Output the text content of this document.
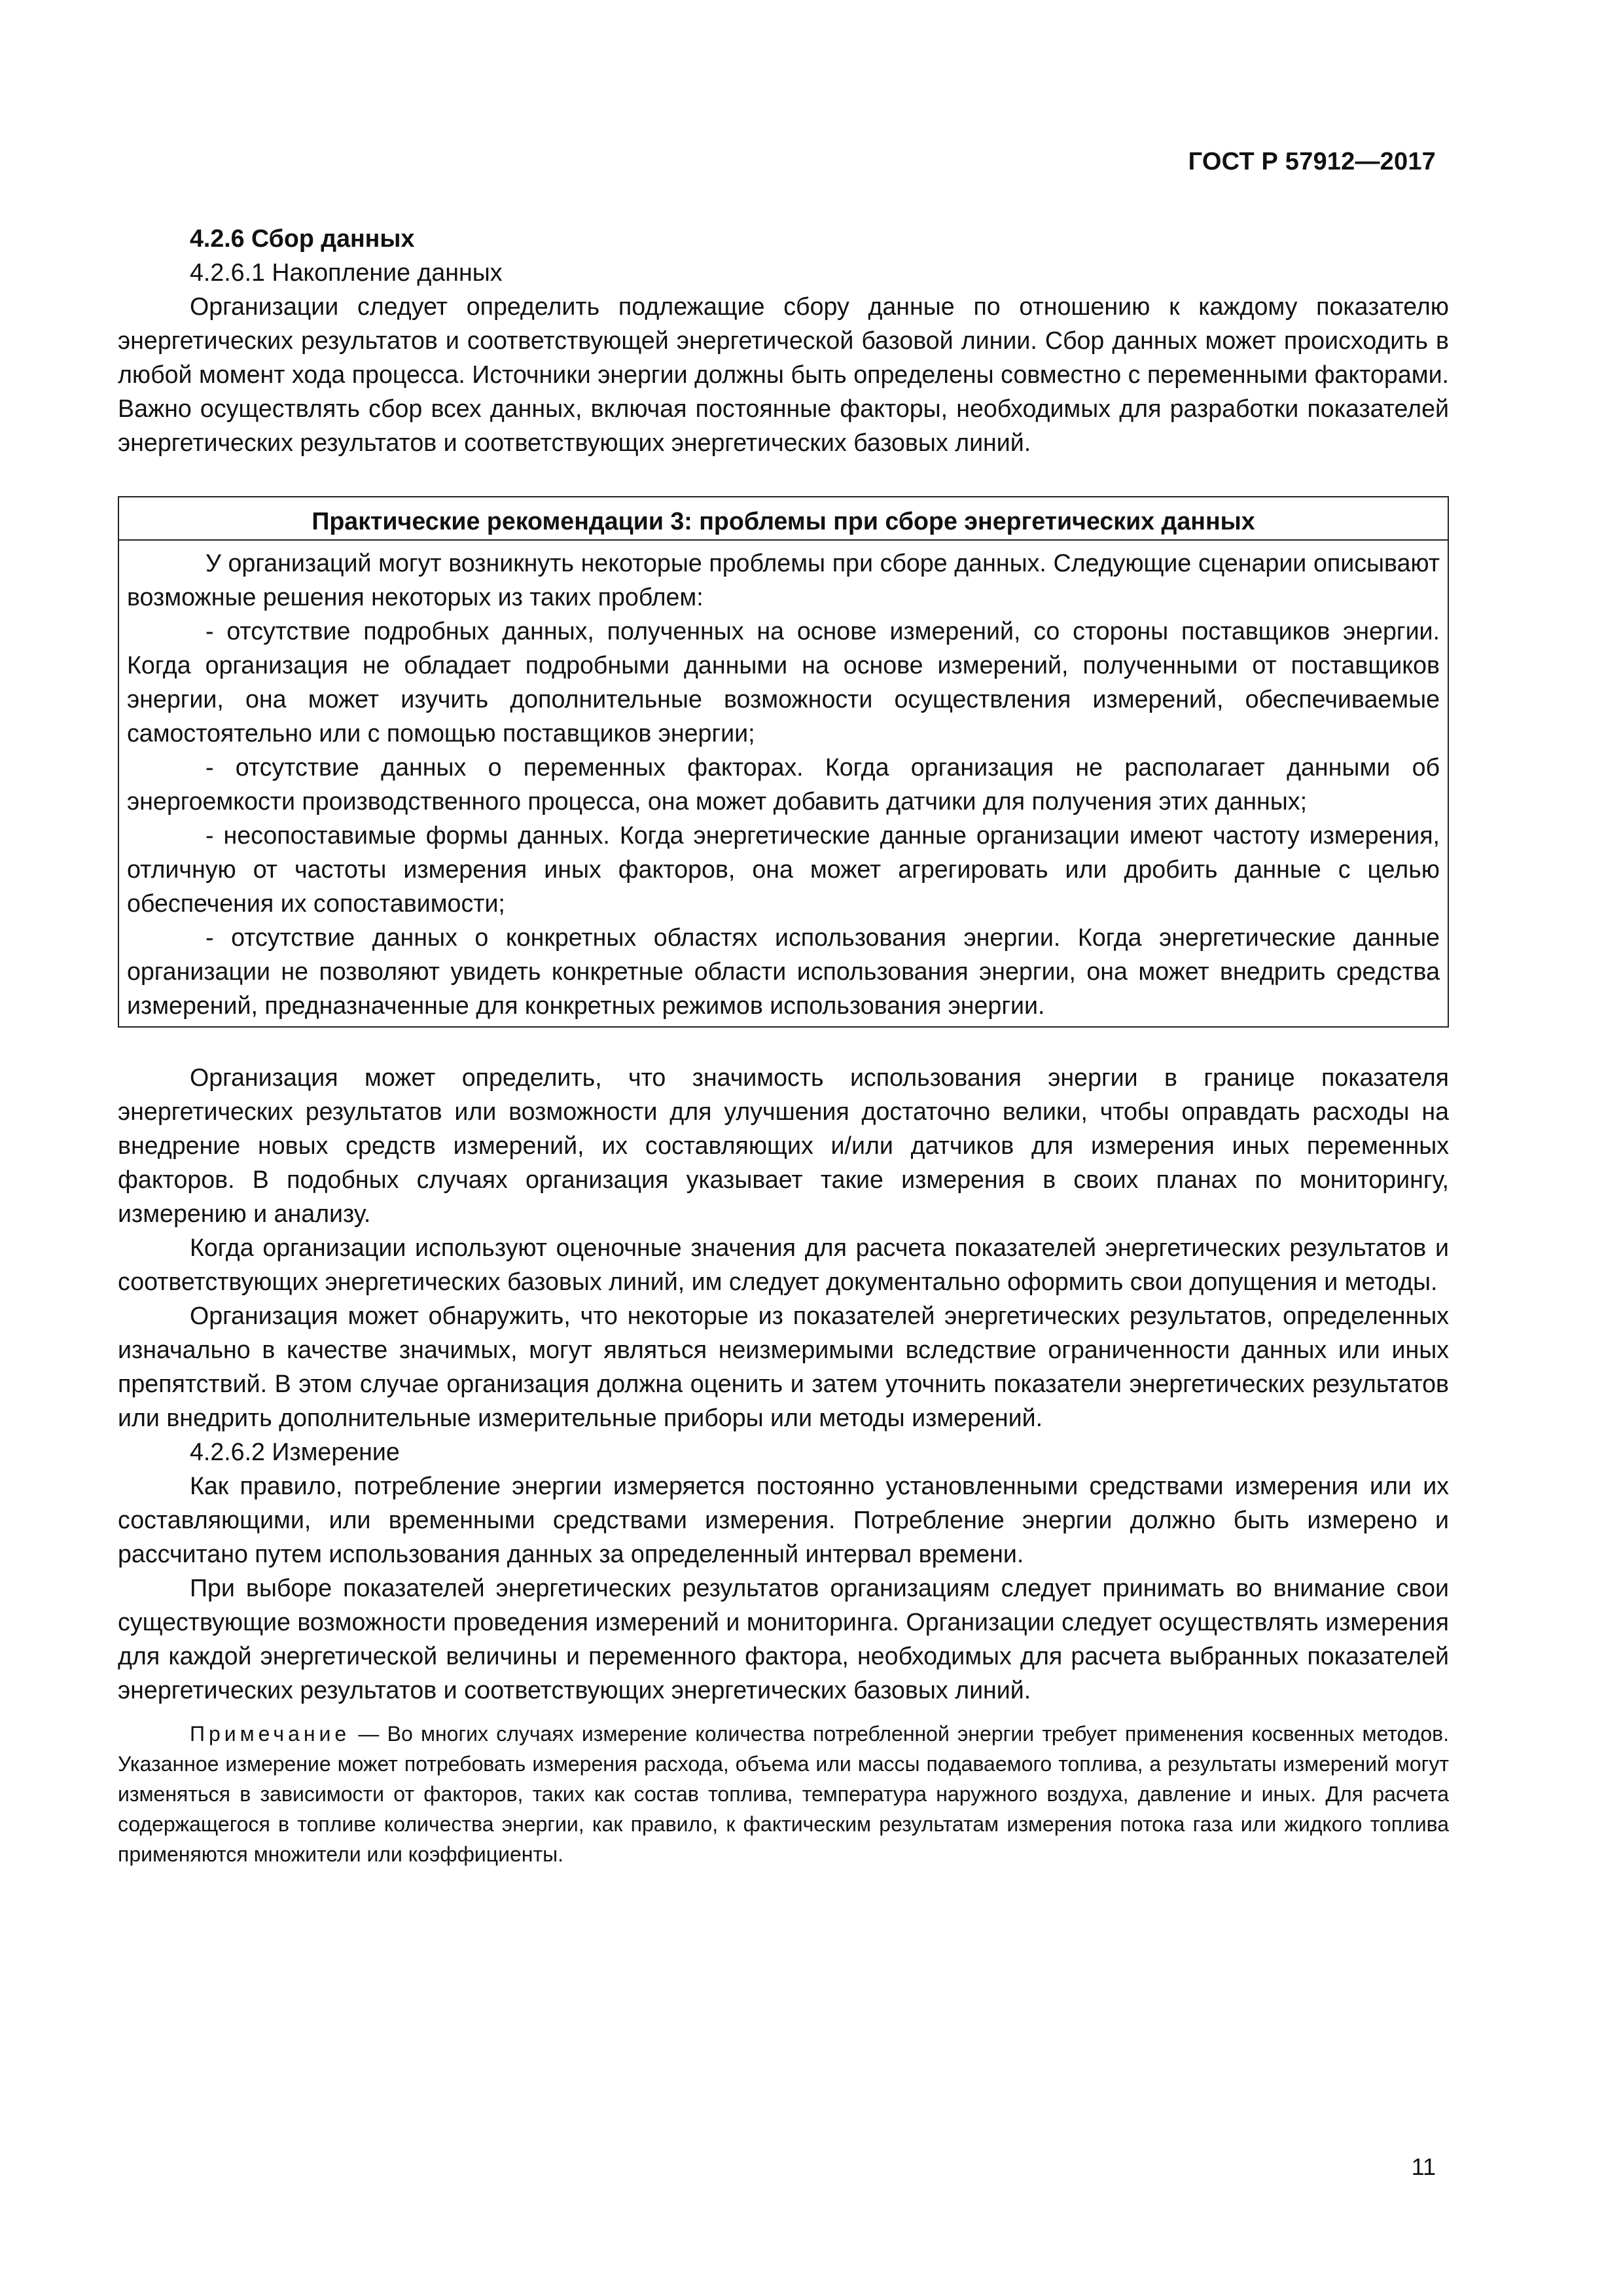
ГОСТ Р 57912—2017

4.2.6 Сбор данных

4.2.6.1 Накопление данных

Организации следует определить подлежащие сбору данные по отношению к каждому показателю энергетических результатов и соответствующей энергетической базовой линии. Сбор данных может происходить в любой момент хода процесса. Источники энергии должны быть определены совместно с переменными факторами. Важно осуществлять сбор всех данных, включая постоянные факторы, необходимых для разработки показателей энергетических результатов и соответствующих энергетических базовых линий.

Практические рекомендации 3: проблемы при сборе энергетических данных

У организаций могут возникнуть некоторые проблемы при сборе данных. Следующие сценарии описывают возможные решения некоторых из таких проблем:

- отсутствие подробных данных, полученных на основе измерений, со стороны поставщиков энергии. Когда организация не обладает подробными данными на основе измерений, полученными от поставщиков энергии, она может изучить дополнительные возможности осуществления измерений, обеспечиваемые самостоятельно или с помощью поставщиков энергии;

- отсутствие данных о переменных факторах. Когда организация не располагает данными об энергоемкости производственного процесса, она может добавить датчики для получения этих данных;

- несопоставимые формы данных. Когда энергетические данные организации имеют частоту измерения, отличную от частоты измерения иных факторов, она может агрегировать или дробить данные с целью обеспечения их сопоставимости;

- отсутствие данных о конкретных областях использования энергии. Когда энергетические данные организации не позволяют увидеть конкретные области использования энергии, она может внедрить средства измерений, предназначенные для конкретных режимов использования энергии.

Организация может определить, что значимость использования энергии в границе показателя энергетических результатов или возможности для улучшения достаточно велики, чтобы оправдать расходы на внедрение новых средств измерений, их составляющих и/или датчиков для измерения иных переменных факторов. В подобных случаях организация указывает такие измерения в своих планах по мониторингу, измерению и анализу.

Когда организации используют оценочные значения для расчета показателей энергетических результатов и соответствующих энергетических базовых линий, им следует документально оформить свои допущения и методы.

Организация может обнаружить, что некоторые из показателей энергетических результатов, определенных изначально в качестве значимых, могут являться неизмеримыми вследствие ограниченности данных или иных препятствий. В этом случае организация должна оценить и затем уточнить показатели энергетических результатов или внедрить дополнительные измерительные приборы или методы измерений.

4.2.6.2 Измерение

Как правило, потребление энергии измеряется постоянно установленными средствами измерения или их составляющими, или временными средствами измерения. Потребление энергии должно быть измерено и рассчитано путем использования данных за определенный интервал времени.

При выборе показателей энергетических результатов организациям следует принимать во внимание свои существующие возможности проведения измерений и мониторинга. Организации следует осуществлять измерения для каждой энергетической величины и переменного фактора, необходимых для расчета выбранных показателей энергетических результатов и соответствующих энергетических базовых линий.

Примечание — Во многих случаях измерение количества потребленной энергии требует применения косвенных методов. Указанное измерение может потребовать измерения расхода, объема или массы подаваемого топлива, а результаты измерений могут изменяться в зависимости от факторов, таких как состав топлива, температура наружного воздуха, давление и иных. Для расчета содержащегося в топливе количества энергии, как правило, к фактическим результатам измерения потока газа или жидкого топлива применяются множители или коэффициенты.

11
